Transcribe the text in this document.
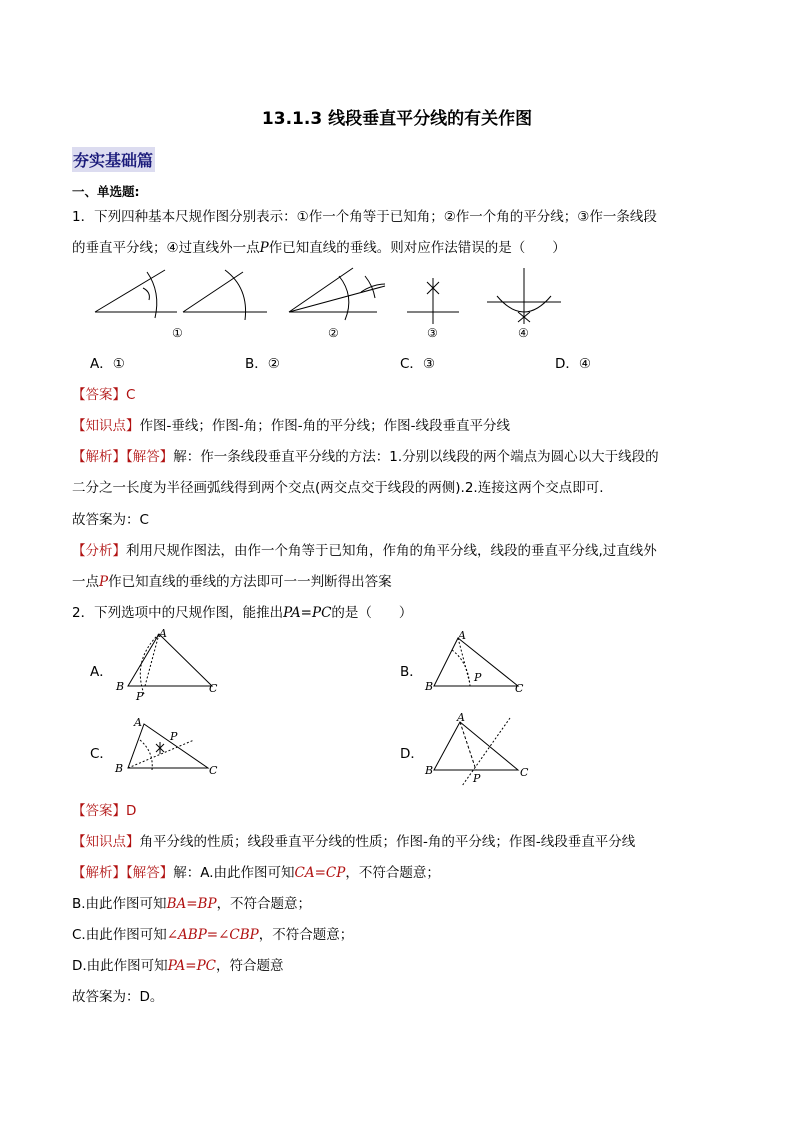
13.1.3 线段垂直平分线的有关作图
夯实基础篇
一、单选题:
1．下列四种基本尺规作图分别表示：①作一个角等于已知角；②作一个角的平分线；③作一条线段
的垂直平分线；④过直线外一点P作已知直线的垂线。则对应作法错误的是（　　）
①	②	③	④
A．①	B．②	C．③	D．④
【答案】C
【知识点】作图-垂线；作图-角；作图-角的平分线；作图-线段垂直平分线
【解析】【解答】解：作一条线段垂直平分线的方法：1.分别以线段的两个端点为圆心以大于线段的
二分之一长度为半径画弧线得到两个交点(两交点交于线段的两侧).2.连接这两个交点即可.
故答案为：C
【分析】利用尺规作图法，由作一个角等于已知角，作角的角平分线，线段的垂直平分线,过直线外
一点P作已知直线的垂线的方法即可一一判断得出答案
2．下列选项中的尺规作图，能推出PA=PC的是（　　）
A．
A
B	C
P
B．
A
B	C
P
C．
A
B	C
P
D．
A
B	C
P
【答案】D
【知识点】角平分线的性质；线段垂直平分线的性质；作图-角的平分线；作图-线段垂直平分线
【解析】【解答】解：A.由此作图可知CA=CP，不符合题意；
B.由此作图可知BA=BP，不符合题意；
C.由此作图可知∠ABP=∠CBP，不符合题意；
D.由此作图可知PA=PC，符合题意
故答案为：D。
